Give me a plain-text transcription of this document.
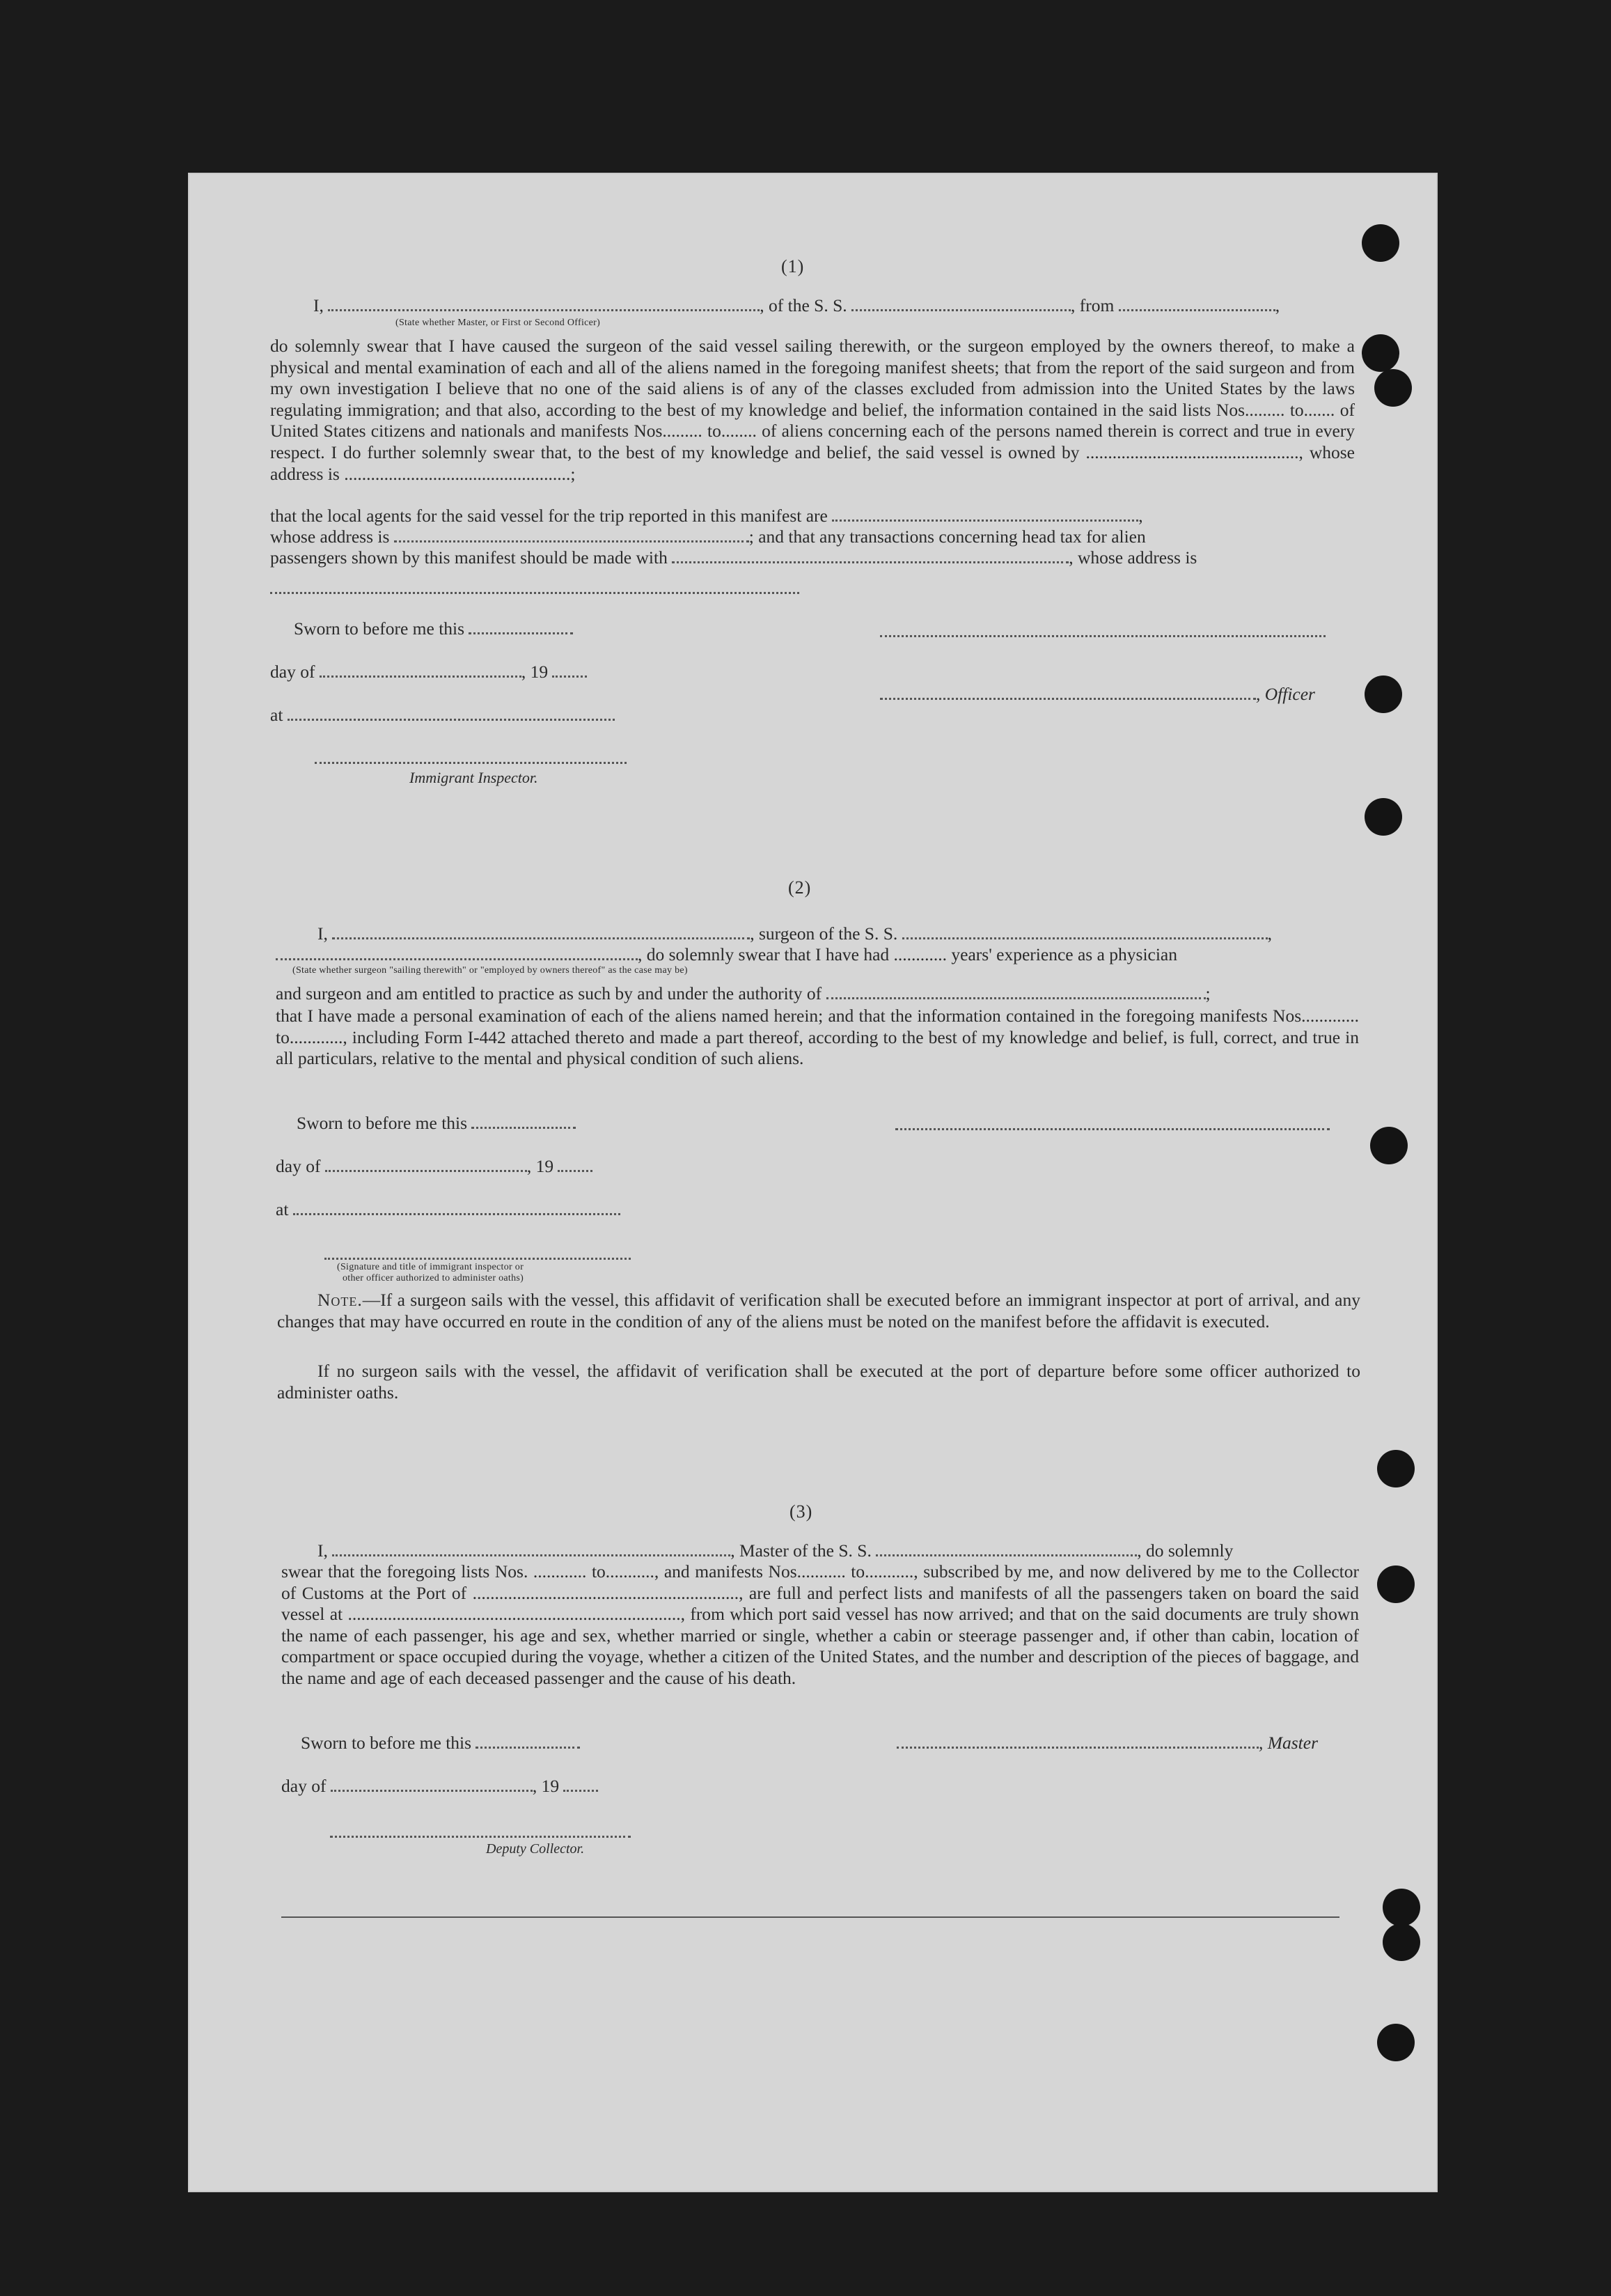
(1)
I,	, of the S. S.	, from	,
(State whether Master, or First or Second Officer)
do solemnly swear that I have caused the surgeon of the said vessel sailing therewith, or the surgeon employed by the owners thereof, to make a physical and mental examination of each and all of the aliens named in the foregoing manifest sheets; that from the report of the said surgeon and from my own investigation I believe that no one of the said aliens is of any of the classes excluded from admission into the United States by the laws regulating immigration; and that also, according to the best of my knowledge and belief, the information contained in the said lists Nos......... to....... of United States citizens and nationals and manifests Nos......... to........ of aliens concerning each of the persons named therein is correct and true in every respect. I do further solemnly swear that, to the best of my knowledge and belief, the said vessel is owned by ................................................, whose address is ...................................................;
that the local agents for the said vessel for the trip reported in this manifest are	,
whose address is	; and that any transactions concerning head tax for alien
passengers shown by this manifest should be made with	, whose address is
Sworn to before me this
day of	, 19
, Officer
at
Immigrant Inspector.
(2)
I,	, surgeon of the S. S.	,
, do solemnly swear that I have had ............ years' experience as a physician
(State whether surgeon "sailing therewith" or "employed by owners thereof" as the case may be)
and surgeon and am entitled to practice as such by and under the authority of	;
that I have made a personal examination of each of the aliens named herein; and that the information contained in the foregoing manifests Nos............. to............, including Form I-442 attached thereto and made a part thereof, according to the best of my knowledge and belief, is full, correct, and true in all particulars, relative to the mental and physical condition of such aliens.
Sworn to before me this
day of	, 19
at
(Signature and title of immigrant inspector or
other officer authorized to administer oaths)
Note.—If a surgeon sails with the vessel, this affidavit of verification shall be executed before an immigrant inspector at port of arrival, and any changes that may have occurred en route in the condition of any of the aliens must be noted on the manifest before the affidavit is executed.
If no surgeon sails with the vessel, the affidavit of verification shall be executed at the port of departure before some officer authorized to administer oaths.
(3)
I,	, Master of the S. S.	, do solemnly
swear that the foregoing lists Nos. ............ to..........., and manifests Nos........... to..........., subscribed by me, and now delivered by me to the Collector of Customs at the Port of ............................................................, are full and perfect lists and manifests of all the passengers taken on board the said vessel at ..........................................................................., from which port said vessel has now arrived; and that on the said documents are truly shown the name of each passenger, his age and sex, whether married or single, whether a cabin or steerage passenger and, if other than cabin, location of compartment or space occupied during the voyage, whether a citizen of the United States, and the number and description of the pieces of baggage, and the name and age of each deceased passenger and the cause of his death.
Sworn to before me this	, Master
day of	, 19
Deputy Collector.
